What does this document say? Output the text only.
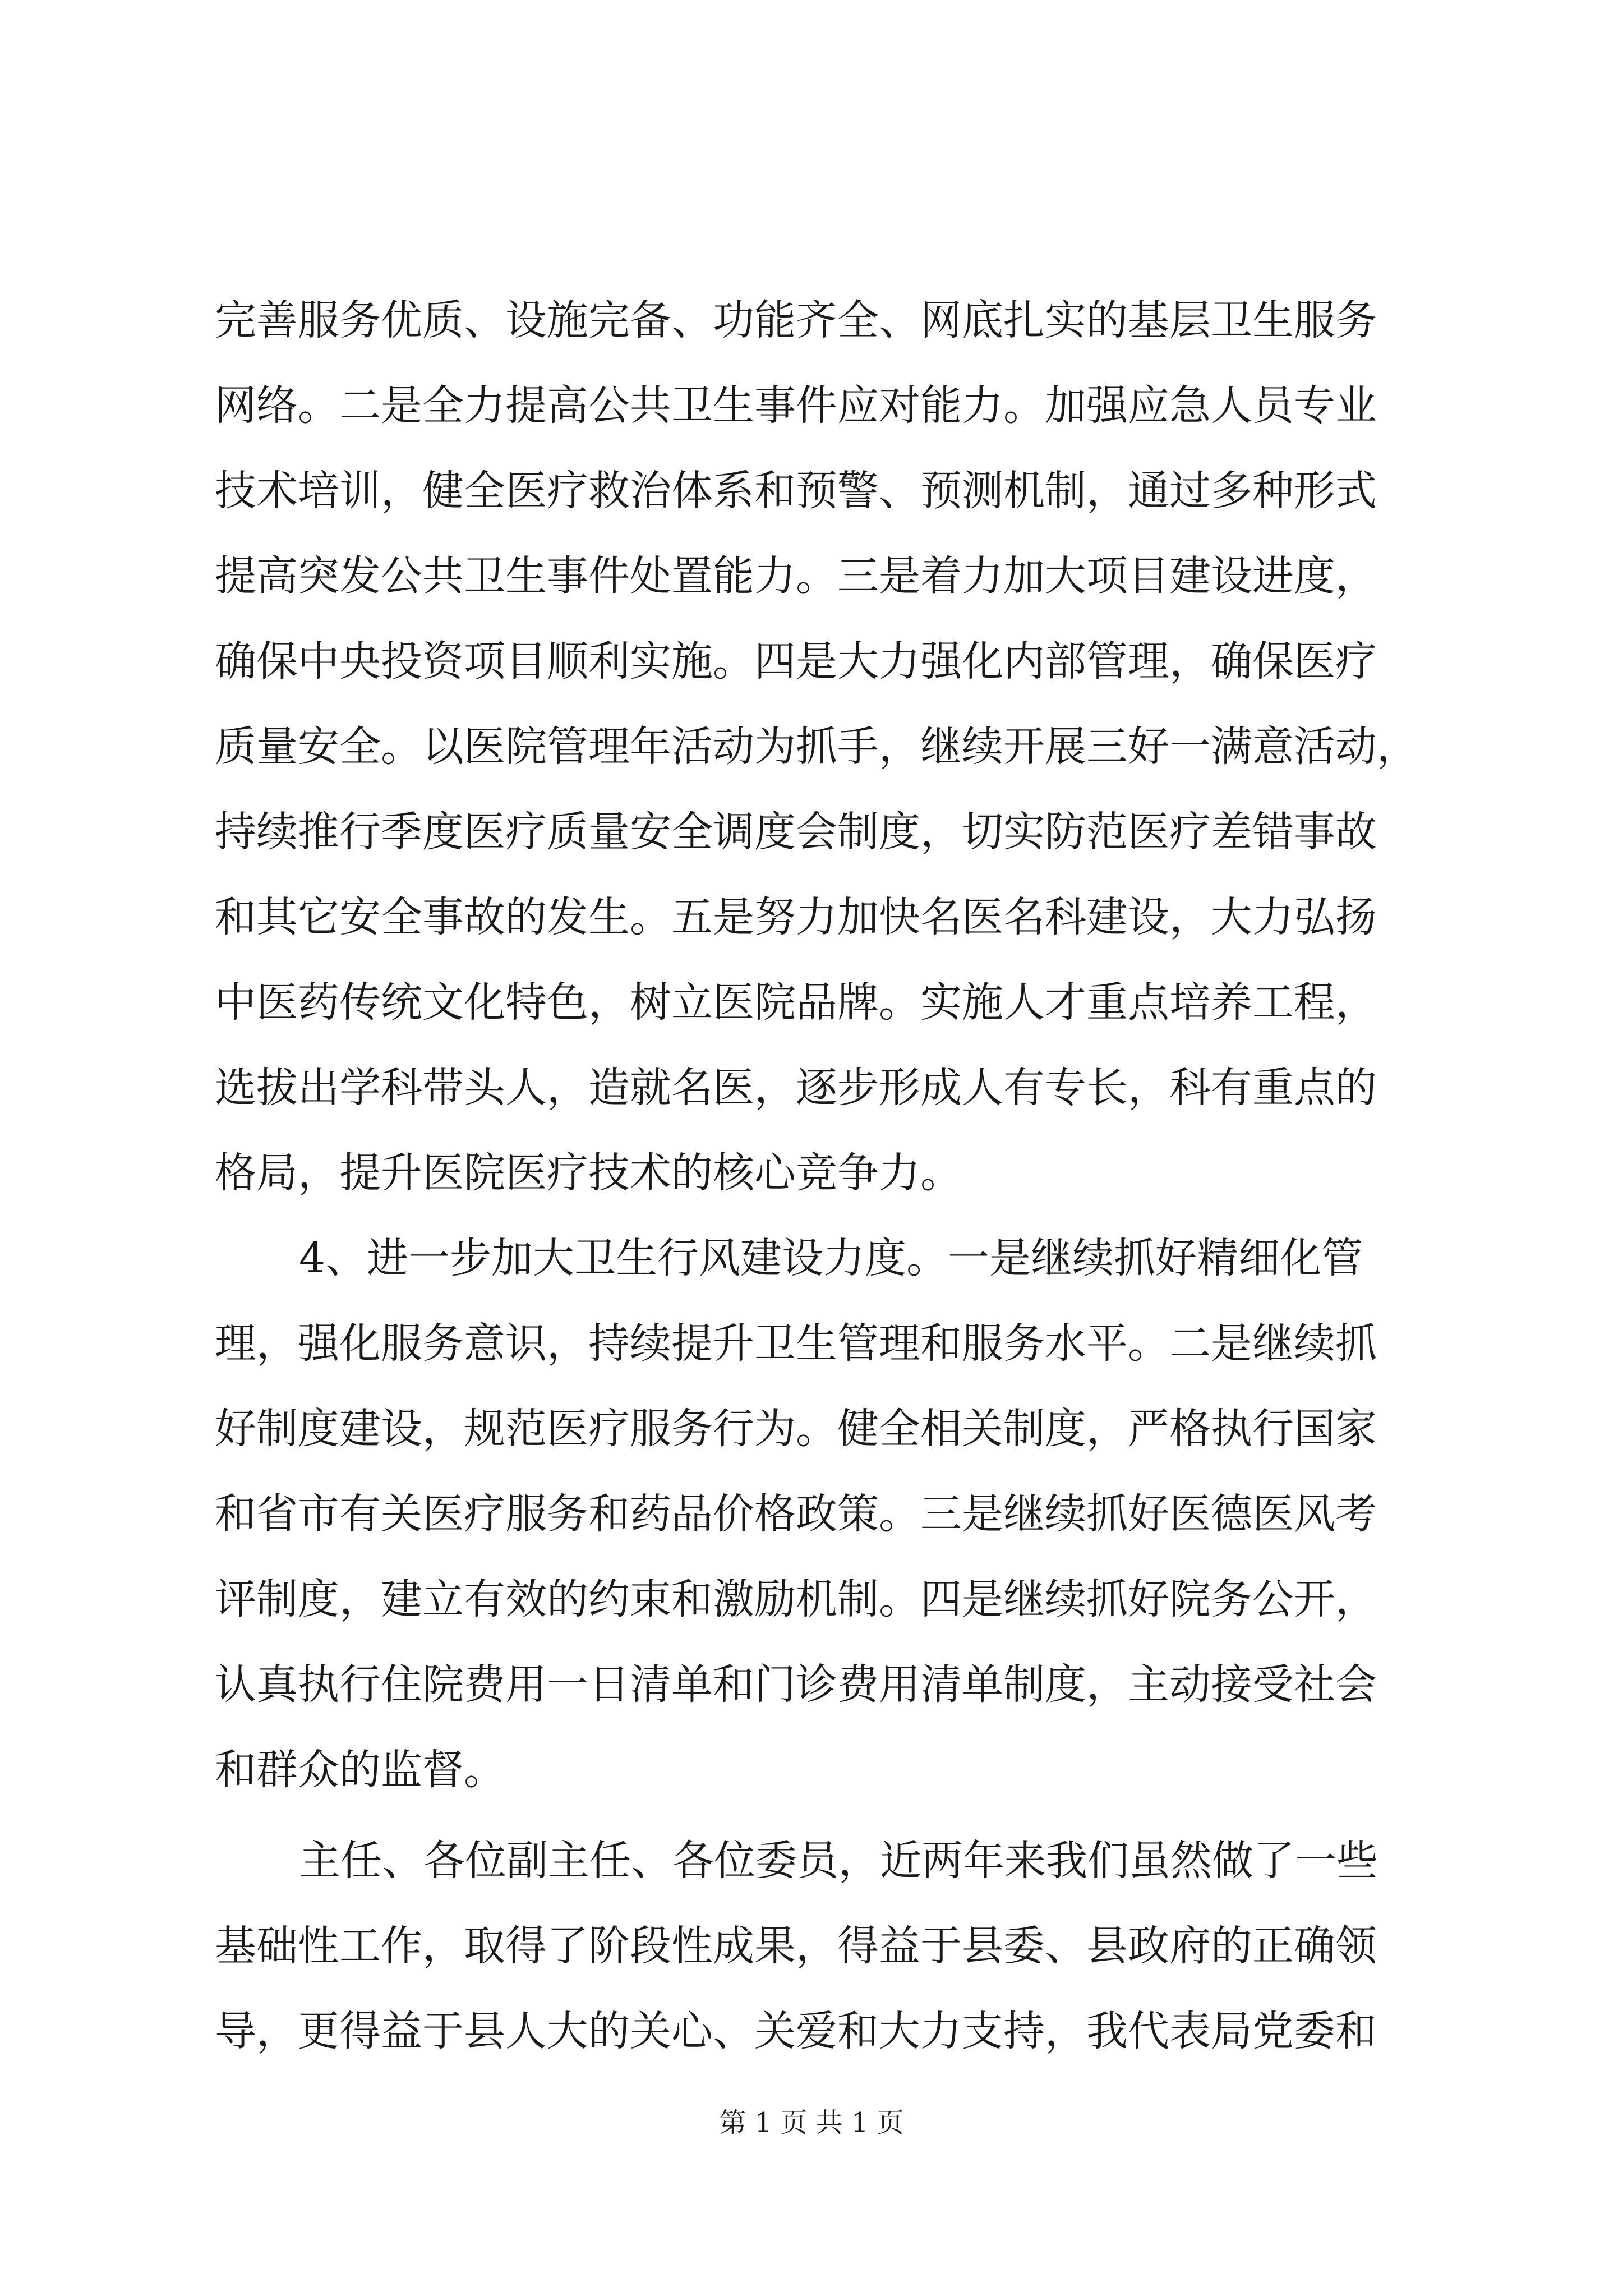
完善服务优质、设施完备、功能齐全、网底扎实的基层卫生服务
网络。二是全力提高公共卫生事件应对能力。加强应急人员专业
技术培训，健全医疗救治体系和预警、预测机制，通过多种形式
提高突发公共卫生事件处置能力。三是着力加大项目建设进度，
确保中央投资项目顺利实施。四是大力强化内部管理，确保医疗
质量安全。以医院管理年活动为抓手，继续开展三好一满意活动，
持续推行季度医疗质量安全调度会制度，切实防范医疗差错事故
和其它安全事故的发生。五是努力加快名医名科建设，大力弘扬
中医药传统文化特色，树立医院品牌。实施人才重点培养工程，
选拔出学科带头人，造就名医，逐步形成人有专长，科有重点的
格局，提升医院医疗技术的核心竞争力。
4、进一步加大卫生行风建设力度。一是继续抓好精细化管
理，强化服务意识，持续提升卫生管理和服务水平。二是继续抓
好制度建设，规范医疗服务行为。健全相关制度，严格执行国家
和省市有关医疗服务和药品价格政策。三是继续抓好医德医风考
评制度，建立有效的约束和激励机制。四是继续抓好院务公开，
认真执行住院费用一日清单和门诊费用清单制度，主动接受社会
和群众的监督。
主任、各位副主任、各位委员，近两年来我们虽然做了一些
基础性工作，取得了阶段性成果，得益于县委、县政府的正确领
导，更得益于县人大的关心、关爱和大力支持，我代表局党委和
第 1 页 共 1 页
